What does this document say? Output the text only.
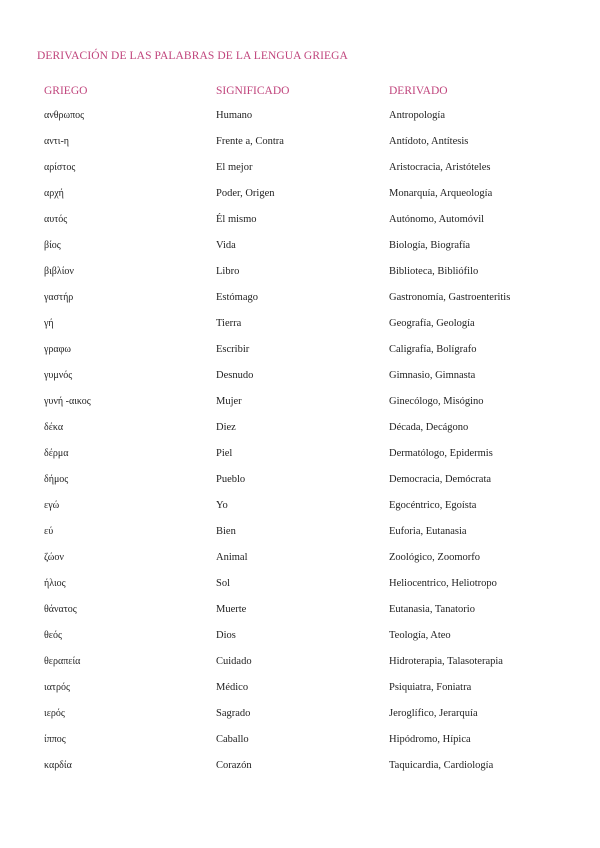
DERIVACIÓN DE LAS PALABRAS DE LA LENGUA GRIEGA
GRIEGO	SIGNIFICADO	DERIVADO
ανθρωπος	Humano	Antropología
αντι-η	Frente a, Contra	Antídoto, Antítesis
αρίστος	El mejor	Aristocracia, Aristóteles
αρχή	Poder, Origen	Monarquía, Arqueología
αυτός	Él mismo	Autónomo, Automóvil
βίος	Vida	Biología, Biografía
βιβλίον	Libro	Biblioteca, Bibliófilo
γαστήρ	Estómago	Gastronomía, Gastroenteritis
γή	Tierra	Geografía, Geología
γραφω	Escribir	Caligrafía, Bolígrafo
γυμνός	Desnudo	Gimnasio, Gimnasta
γυνή -αικος	Mujer	Ginecólogo, Misógino
δέκα	Diez	Década, Decágono
δέρμα	Piel	Dermatólogo, Epidermis
δήμος	Pueblo	Democracia, Demócrata
εγώ	Yo	Egocéntrico, Egoísta
εύ	Bien	Euforia, Eutanasia
ζώον	Animal	Zoológico, Zoomorfo
ήλιος	Sol	Heliocentrico, Heliotropo
θάνατος	Muerte	Eutanasia, Tanatorio
θεός	Dios	Teología, Ateo
θεραπεία	Cuidado	Hidroterapia, Talasoterapia
ιατρός	Médico	Psiquiatra, Foniatra
ιερός	Sagrado	Jeroglífico, Jerarquía
ίππος	Caballo	Hipódromo, Hípica
καρδία	Corazón	Taquicardia, Cardiología
